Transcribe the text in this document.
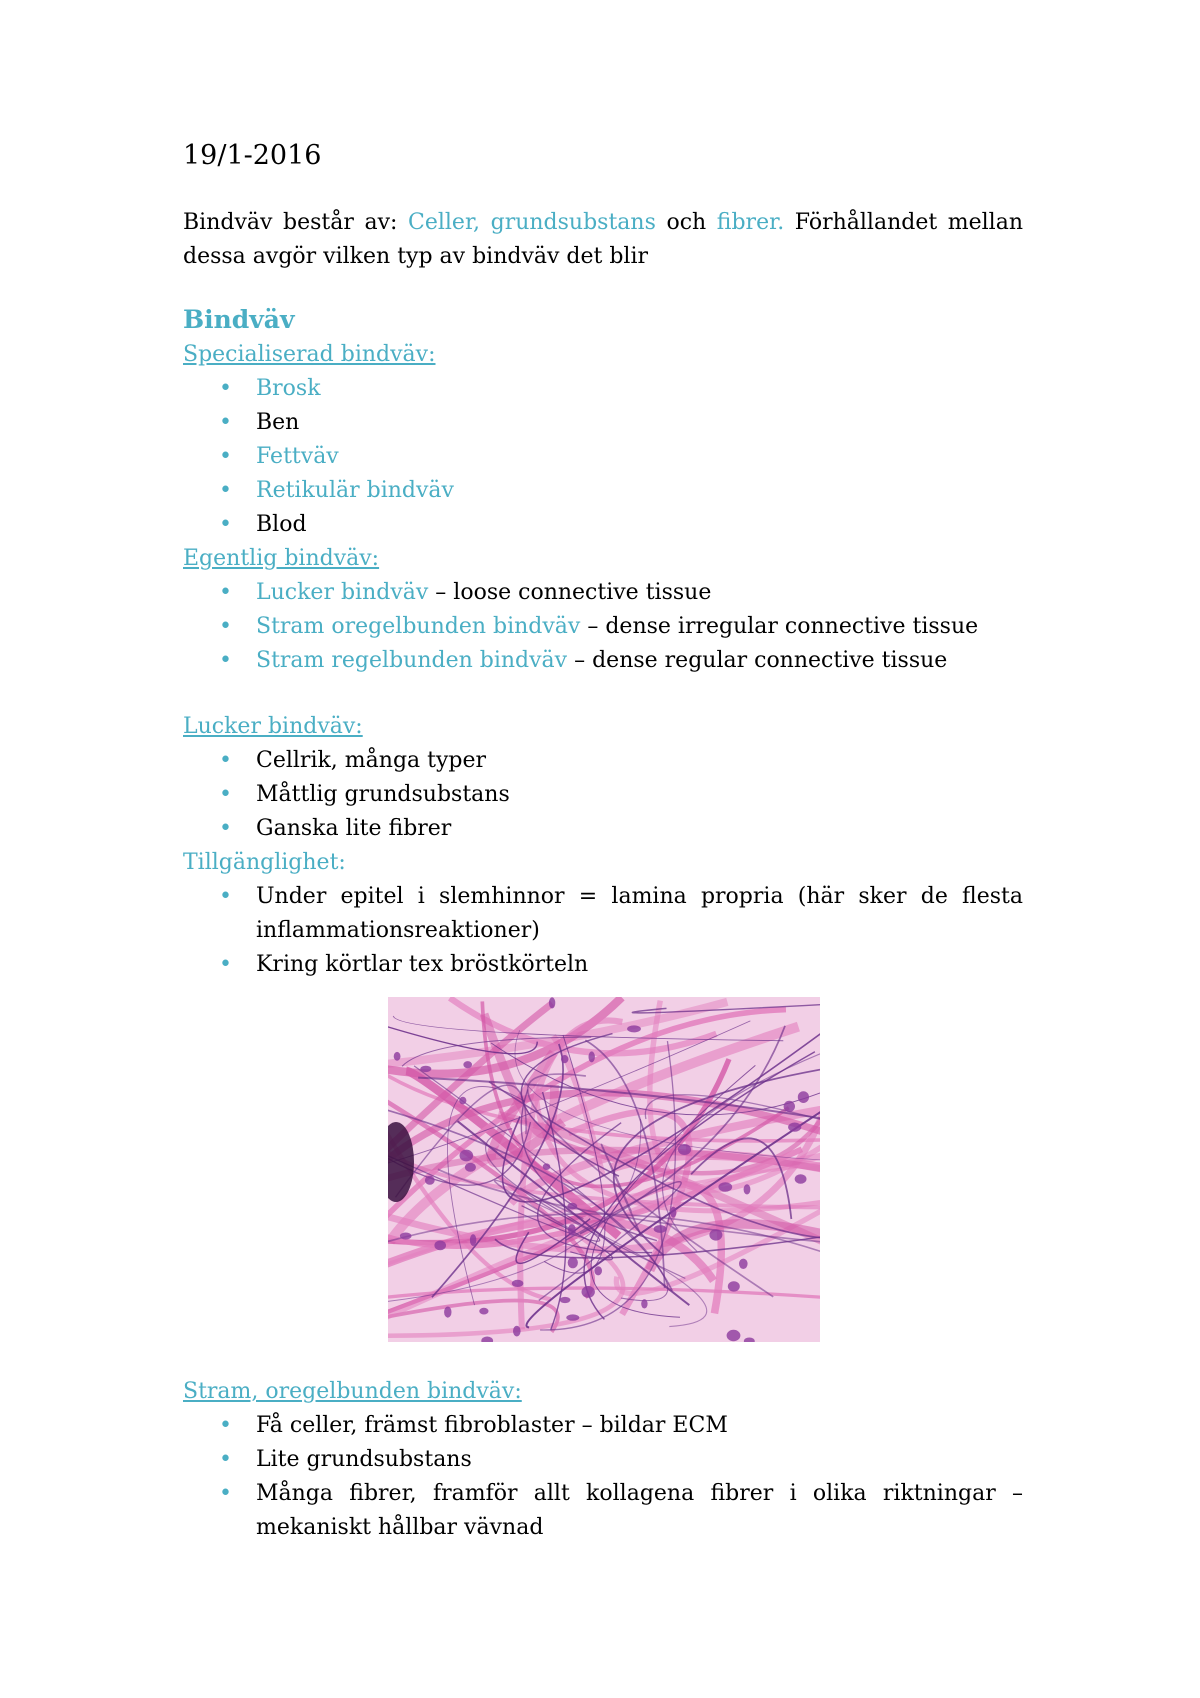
19/1-2016

Bindväv består av: Celler, grundsubstans och fibrer. Förhållandet mellan dessa avgör vilken typ av bindväv det blir

Bindväv

Specialiserad bindväv:

• Brosk
• Ben
• Fettväv
• Retikulär bindväv
• Blod

Egentlig bindväv:

• Lucker bindväv – loose connective tissue
• Stram oregelbunden bindväv – dense irregular connective tissue
• Stram regelbunden bindväv – dense regular connective tissue

Lucker bindväv:

• Cellrik, många typer
• Måttlig grundsubstans
• Ganska lite fibrer

Tillgänglighet:

• Under epitel i slemhinnor = lamina propria (här sker de flesta inflammationsreaktioner)
• Kring körtlar tex bröstkörteln

Stram, oregelbunden bindväv:

• Få celler, främst fibroblaster – bildar ECM
• Lite grundsubstans
• Många fibrer, framför allt kollagena fibrer i olika riktningar – mekaniskt hållbar vävnad
